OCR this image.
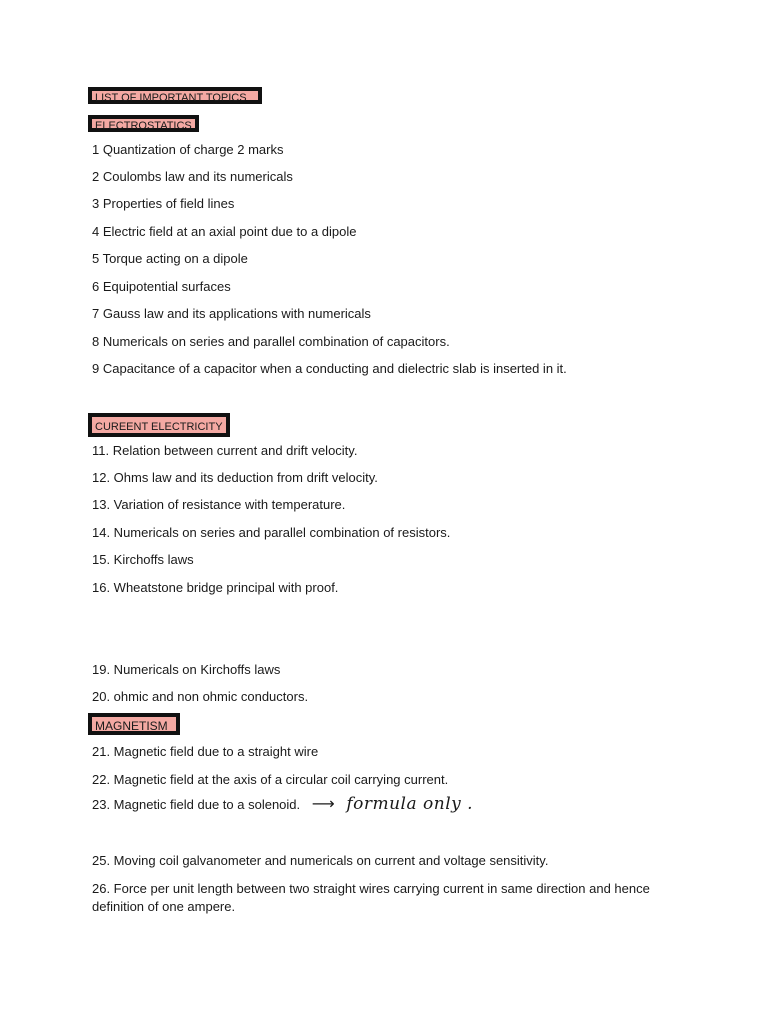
LIST OF IMPORTANT TOPICS
ELECTROSTATICS
1 Quantization of charge 2 marks
2 Coulombs law and its numericals
3 Properties of field lines
4 Electric field at an axial point due to a dipole
5 Torque acting on a dipole
6 Equipotential surfaces
7 Gauss law and its applications with numericals
8 Numericals on series and parallel combination of capacitors.
9 Capacitance of a capacitor when a conducting and dielectric slab is inserted in it.
CUREENT ELECTRICITY
11. Relation between current and drift velocity.
12. Ohms law and its deduction from drift velocity.
13. Variation of resistance with temperature.
14. Numericals on series and parallel combination of resistors.
15. Kirchoffs laws
16. Wheatstone bridge principal with proof.
19. Numericals on Kirchoffs laws
20. ohmic and non ohmic conductors.
MAGNETISM
21. Magnetic field due to a straight wire
22. Magnetic field at the axis of a circular coil carrying current.
23. Magnetic field due to a solenoid. ⟶ formula only .
25. Moving coil galvanometer and numericals on current and voltage sensitivity.
26. Force per unit length between two straight wires carrying current in same direction and hence definition of one ampere.
